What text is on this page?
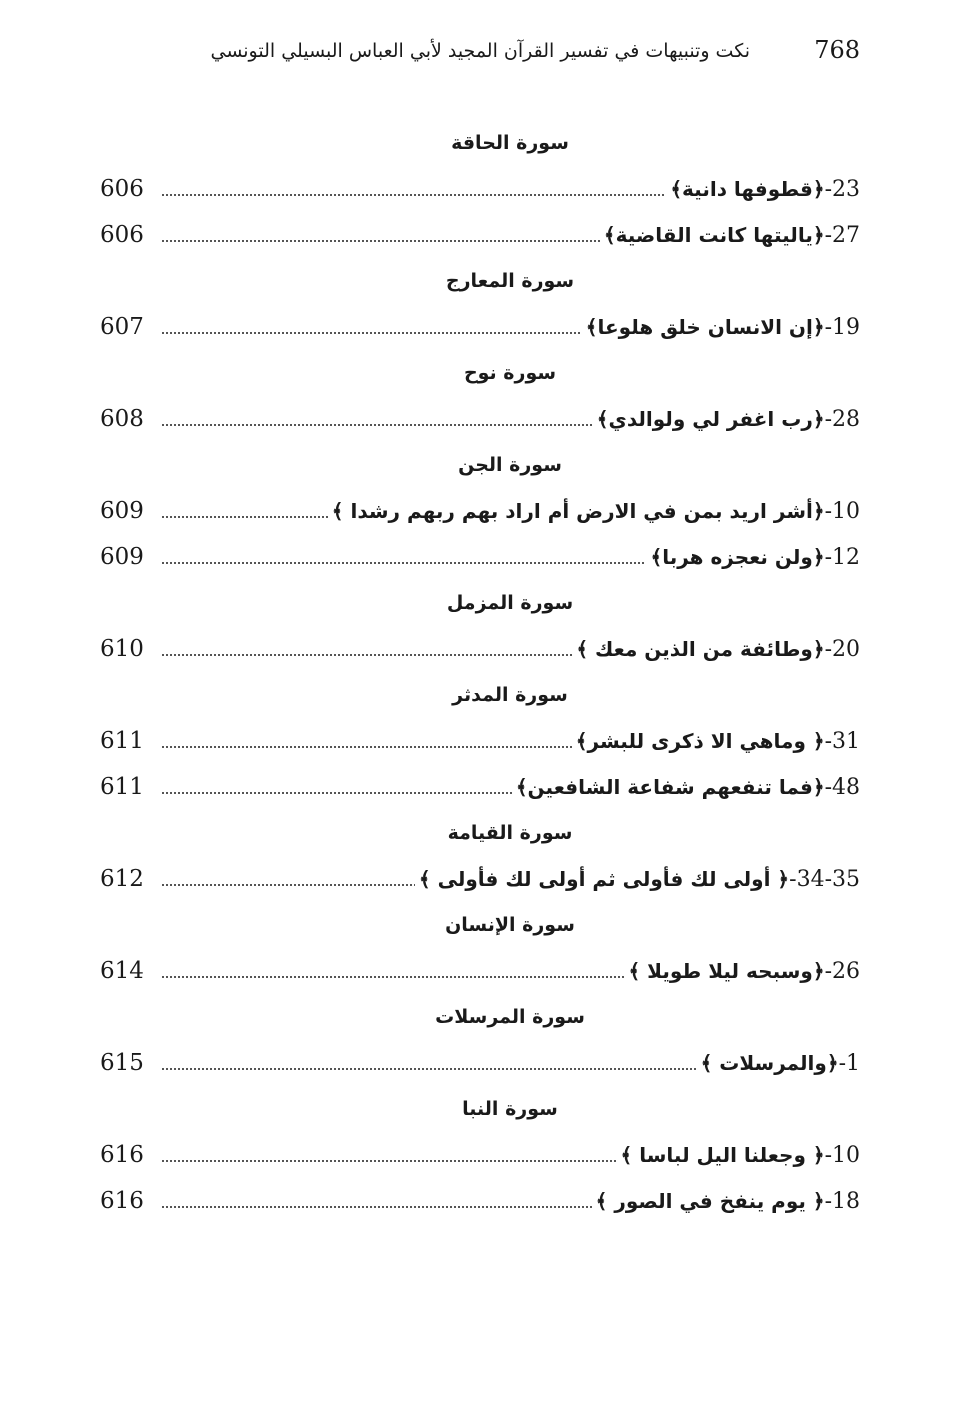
768
نكت وتنبيهات في تفسير القرآن المجيد لأبي العباس البسيلي التونسي
سورة الحاقة
606	23-﴿قطوفها دانية﴾
606	27-﴿ياليتها كانت القاضية﴾
سورة المعارج
607	19-﴿إن الانسان خلق هلوعا﴾
سورة نوح
608	28-﴿رب اغفر لي ولوالدي﴾
سورة الجن
609	10-﴿أشر اريد بمن في الارض أم اراد بهم ربهم رشدا ﴾
609	12-﴿ولن نعجزه هربا﴾
سورة المزمل
610	20-﴿وطائفة من الذين معك ﴾
سورة المدثر
611	31-﴿ وماهي الا ذكرى للبشر﴾
611	48-﴿فما تنفعهم شفاعة الشافعين﴾
سورة القيامة
612	34-35-﴿ أولى لك فأولى ثم أولى لك فأولى ﴾
سورة الإنسان
614	26-﴿وسبحه ليلا طويلا ﴾
سورة المرسلات
615	1-﴿والمرسلات ﴾
سورة النبا
616	10-﴿ وجعلنا اليل لباسا ﴾
616	18-﴿ يوم ينفخ في الصور ﴾
